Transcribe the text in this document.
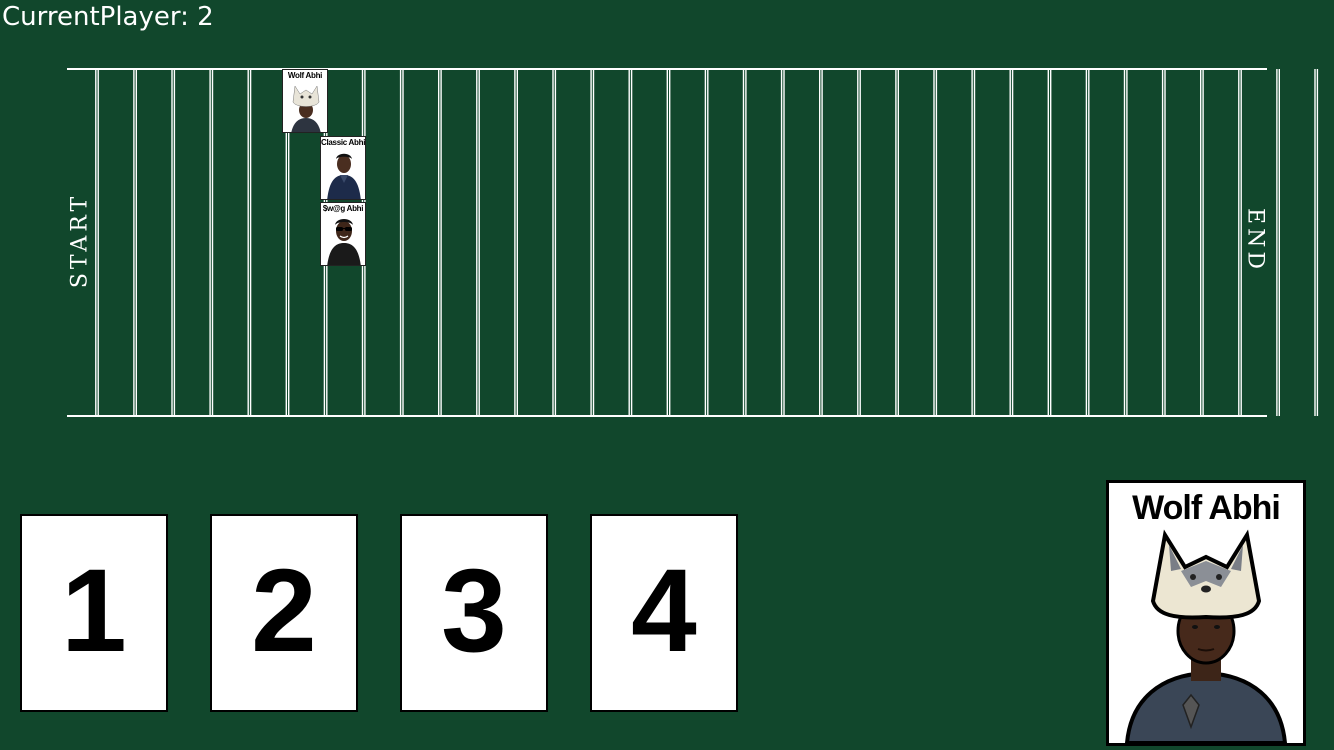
CurrentPlayer: 2
START	END
Wolf Abhi
Classic Abhi
$w@g Abhi
1	2	3	4
Wolf Abhi
